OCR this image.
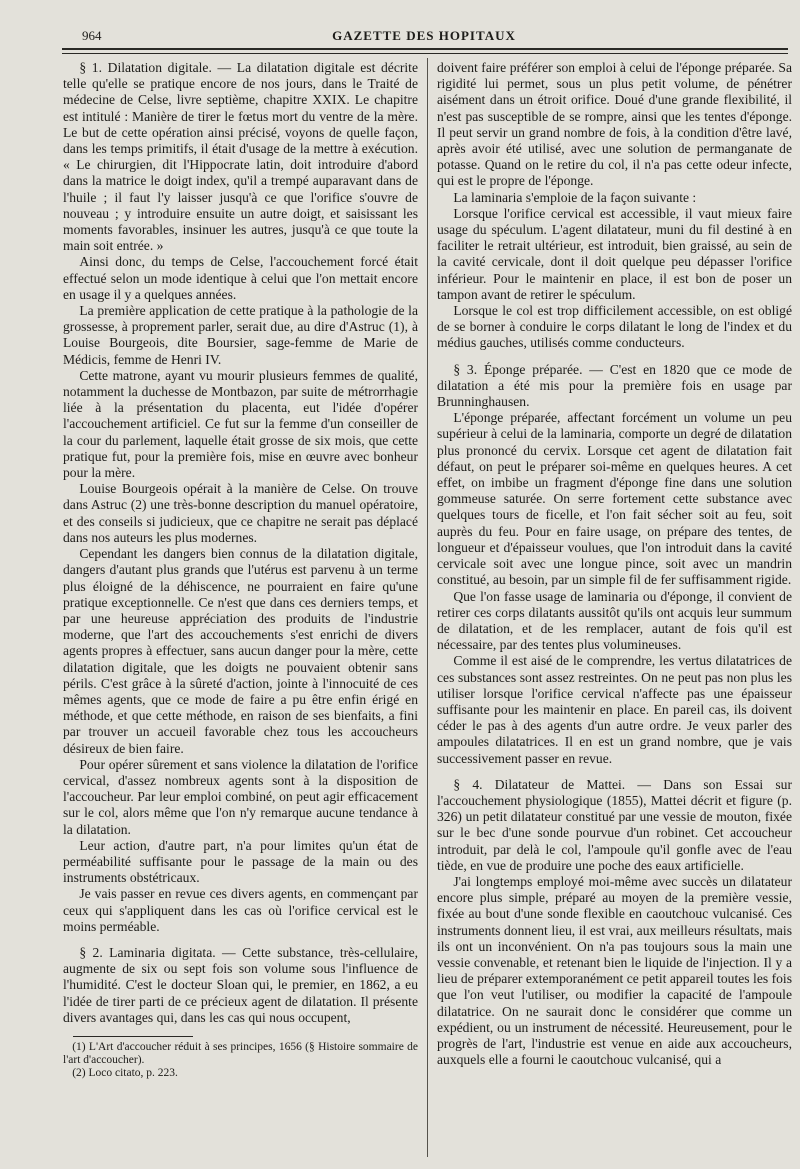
964	GAZETTE DES HOPITAUX

§ 1. Dilatation digitale. — La dilatation digitale est décrite telle qu'elle se pratique encore de nos jours, dans le Traité de médecine de Celse, livre septième, chapitre XXIX. Le chapitre est intitulé : Manière de tirer le fœtus mort du ventre de la mère. Le but de cette opération ainsi précisé, voyons de quelle façon, dans les temps primitifs, il était d'usage de la mettre à exécution. « Le chirurgien, dit l'Hippocrate latin, doit introduire d'abord dans la matrice le doigt index, qu'il a trempé auparavant dans de l'huile ; il faut l'y laisser jusqu'à ce que l'orifice s'ouvre de nouveau ; y introduire ensuite un autre doigt, et saisissant les moments favorables, insinuer les autres, jusqu'à ce que toute la main soit entrée. »

Ainsi donc, du temps de Celse, l'accouchement forcé était effectué selon un mode identique à celui que l'on mettait encore en usage il y a quelques années.

La première application de cette pratique à la pathologie de la grossesse, à proprement parler, serait due, au dire d'Astruc (1), à Louise Bourgeois, dite Boursier, sage-femme de Marie de Médicis, femme de Henri IV.

Cette matrone, ayant vu mourir plusieurs femmes de qualité, notamment la duchesse de Montbazon, par suite de métrorrhagie liée à la présentation du placenta, eut l'idée d'opérer l'accouchement artificiel. Ce fut sur la femme d'un conseiller de la cour du parlement, laquelle était grosse de six mois, que cette pratique fut, pour la première fois, mise en œuvre avec bonheur pour la mère.

Louise Bourgeois opérait à la manière de Celse. On trouve dans Astruc (2) une très-bonne description du manuel opératoire, et des conseils si judicieux, que ce chapitre ne serait pas déplacé dans nos auteurs les plus modernes.

Cependant les dangers bien connus de la dilatation digitale, dangers d'autant plus grands que l'utérus est parvenu à un terme plus éloigné de la déhiscence, ne pourraient en faire qu'une pratique exceptionnelle. Ce n'est que dans ces derniers temps, et par une heureuse appréciation des produits de l'industrie moderne, que l'art des accouchements s'est enrichi de divers agents propres à effectuer, sans aucun danger pour la mère, cette dilatation digitale, que les doigts ne pouvaient obtenir sans périls. C'est grâce à la sûreté d'action, jointe à l'innocuité de ces mêmes agents, que ce mode de faire a pu être enfin érigé en méthode, et que cette méthode, en raison de ses bienfaits, a fini par trouver un accueil favorable chez tous les accoucheurs désireux de bien faire.

Pour opérer sûrement et sans violence la dilatation de l'orifice cervical, d'assez nombreux agents sont à la disposition de l'accoucheur. Par leur emploi combiné, on peut agir efficacement sur le col, alors même que l'on n'y remarque aucune tendance à la dilatation.

Leur action, d'autre part, n'a pour limites qu'un état de perméabilité suffisante pour le passage de la main ou des instruments obstétricaux.

Je vais passer en revue ces divers agents, en commençant par ceux qui s'appliquent dans les cas où l'orifice cervical est le moins perméable.

§ 2. Laminaria digitata. — Cette substance, très-cellulaire, augmente de six ou sept fois son volume sous l'influence de l'humidité. C'est le docteur Sloan qui, le premier, en 1862, a eu l'idée de tirer parti de ce précieux agent de dilatation. Il présente divers avantages qui, dans les cas qui nous occupent,

(1) L'Art d'accoucher réduit à ses principes, 1656 (§ Histoire sommaire de l'art d'accoucher).

(2) Loco citato, p. 223.

doivent faire préférer son emploi à celui de l'éponge préparée. Sa rigidité lui permet, sous un plus petit volume, de pénétrer aisément dans un étroit orifice. Doué d'une grande flexibilité, il n'est pas susceptible de se rompre, ainsi que les tentes d'éponge. Il peut servir un grand nombre de fois, à la condition d'être lavé, après avoir été utilisé, avec une solution de permanganate de potasse. Quand on le retire du col, il n'a pas cette odeur infecte, qui est le propre de l'éponge.

La laminaria s'emploie de la façon suivante :

Lorsque l'orifice cervical est accessible, il vaut mieux faire usage du spéculum. L'agent dilatateur, muni du fil destiné à en faciliter le retrait ultérieur, est introduit, bien graissé, au sein de la cavité cervicale, dont il doit quelque peu dépasser l'orifice inférieur. Pour le maintenir en place, il est bon de poser un tampon avant de retirer le spéculum.

Lorsque le col est trop difficilement accessible, on est obligé de se borner à conduire le corps dilatant le long de l'index et du médius gauches, utilisés comme conducteurs.

§ 3. Éponge préparée. — C'est en 1820 que ce mode de dilatation a été mis pour la première fois en usage par Brunninghausen.

L'éponge préparée, affectant forcément un volume un peu supérieur à celui de la laminaria, comporte un degré de dilatation plus prononcé du cervix. Lorsque cet agent de dilatation fait défaut, on peut le préparer soi-même en quelques heures. A cet effet, on imbibe un fragment d'éponge fine dans une solution gommeuse saturée. On serre fortement cette substance avec quelques tours de ficelle, et l'on fait sécher soit au feu, soit auprès du feu. Pour en faire usage, on prépare des tentes, de longueur et d'épaisseur voulues, que l'on introduit dans la cavité cervicale soit avec une longue pince, soit avec un mandrin constitué, au besoin, par un simple fil de fer suffisamment rigide.

Que l'on fasse usage de laminaria ou d'éponge, il convient de retirer ces corps dilatants aussitôt qu'ils ont acquis leur summum de dilatation, et de les remplacer, autant de fois qu'il est nécessaire, par des tentes plus volumineuses.

Comme il est aisé de le comprendre, les vertus dilatatrices de ces substances sont assez restreintes. On ne peut pas non plus les utiliser lorsque l'orifice cervical n'affecte pas une épaisseur suffisante pour les maintenir en place. En pareil cas, ils doivent céder le pas à des agents d'un autre ordre. Je veux parler des ampoules dilatatrices. Il en est un grand nombre, que je vais successivement passer en revue.

§ 4. Dilatateur de Mattei. — Dans son Essai sur l'accouchement physiologique (1855), Mattei décrit et figure (p. 326) un petit dilatateur constitué par une vessie de mouton, fixée sur le bec d'une sonde pourvue d'un robinet. Cet accoucheur introduit, par delà le col, l'ampoule qu'il gonfle avec de l'eau tiède, en vue de produire une poche des eaux artificielle.

J'ai longtemps employé moi-même avec succès un dilatateur encore plus simple, préparé au moyen de la première vessie, fixée au bout d'une sonde flexible en caoutchouc vulcanisé. Ces instruments donnent lieu, il est vrai, aux meilleurs résultats, mais ils ont un inconvénient. On n'a pas toujours sous la main une vessie convenable, et retenant bien le liquide de l'injection. Il y a lieu de préparer extemporanément ce petit appareil toutes les fois que l'on veut l'utiliser, ou modifier la capacité de l'ampoule dilatatrice. On ne saurait donc le considérer que comme un expédient, ou un instrument de nécessité. Heureusement, pour le progrès de l'art, l'industrie est venue en aide aux accoucheurs, auxquels elle a fourni le caoutchouc vulcanisé, qui a
